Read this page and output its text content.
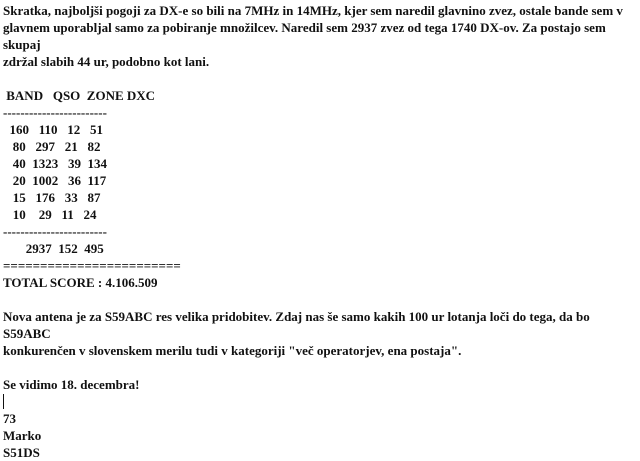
Skratka, najboljši pogoji za DX-e so bili na 7MHz in 14MHz, kjer sem naredil glavnino zvez, ostale bande sem v

glavnem uporabljal samo za pobiranje množilcev. Naredil sem 2937 zvez od tega 1740 DX-ov. Za postajo sem skupaj

zdržal slabih 44 ur, podobno kot lani.

BAND   QSO  ZONE DXC

------------------------

160   110   12   51

80   297   21   82

40  1323   39  134

20  1002   36  117

15   176   33   87

10    29   11   24

------------------------

2937  152  495

========================

TOTAL SCORE : 4.106.509

Nova antena je za S59ABC res velika pridobitev. Zdaj nas še samo kakih 100 ur lotanja loči do tega, da bo S59ABC

konkurenčen v slovenskem merilu tudi v kategoriji "več operatorjev, ena postaja".

Se vidimo 18. decembra!

73

Marko

S51DS
